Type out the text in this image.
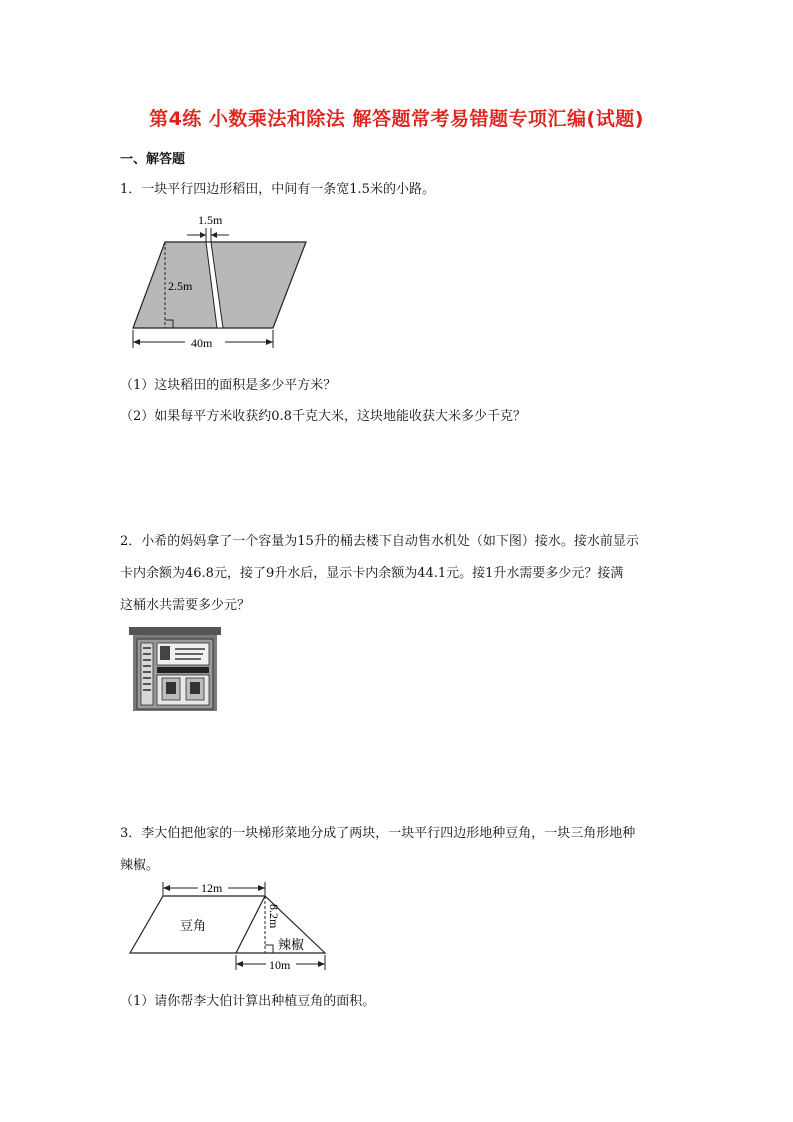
第4练 小数乘法和除法 解答题常考易错题专项汇编(试题)
一、解答题
1．一块平行四边形稻田，中间有一条宽1.5米的小路。
1.5m
2.5m
40m
（1）这块稻田的面积是多少平方米？
（2）如果每平方米收获约0.8千克大米，这块地能收获大米多少千克？
2．小希的妈妈拿了一个容量为15升的桶去楼下自动售水机处（如下图）接水。接水前显示
卡内余额为46.8元，接了9升水后，显示卡内余额为44.1元。接1升水需要多少元？接满
这桶水共需要多少元？
3．李大伯把他家的一块梯形菜地分成了两块，一块平行四边形地种豆角，一块三角形地种
辣椒。
12m
8.2m
豆角
辣椒
10m
（1）请你帮李大伯计算出种植豆角的面积。
